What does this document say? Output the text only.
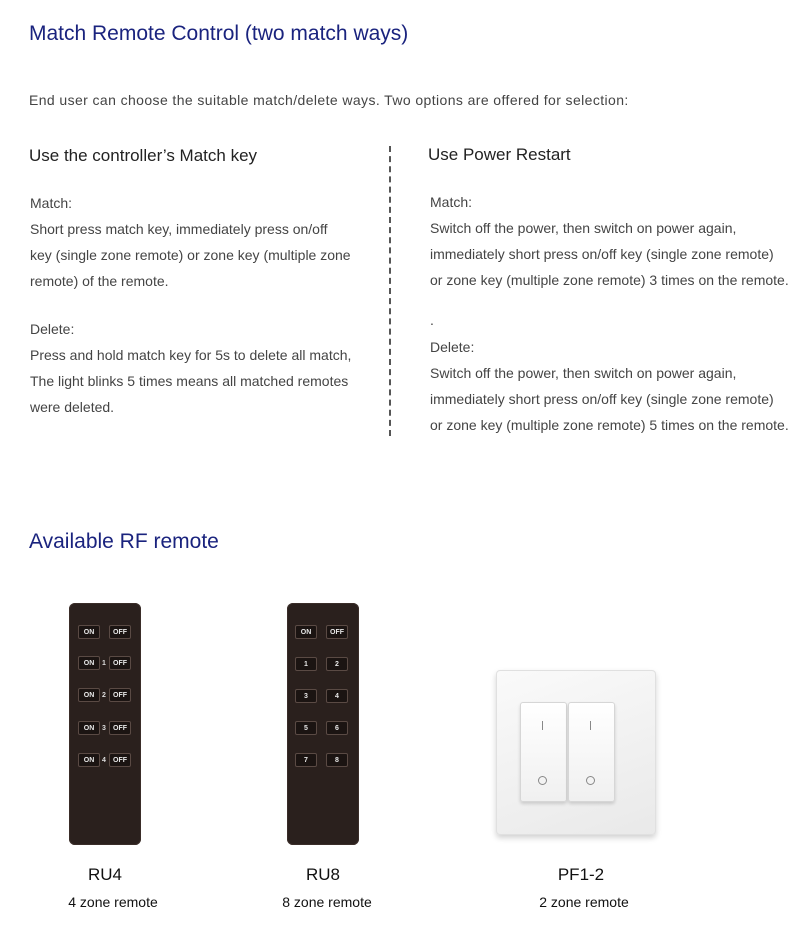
Match Remote Control (two match ways)
End user can choose the suitable match/delete ways. Two options are offered for selection:
Use the controller’s Match key
Match:
Short press match key, immediately press on/off
key (single zone remote) or zone key (multiple zone
remote) of the remote.
Delete:
Press and hold match key for 5s to delete all match,
The light blinks 5 times means all matched remotes
were deleted.
Use Power Restart
Match:
Switch off the power, then switch on power again,
immediately short press on/off key (single zone remote)
or zone key (multiple zone remote) 3 times on the remote.
.
Delete:
Switch off the power, then switch on power again,
immediately short press on/off key (single zone remote)
or zone key (multiple zone remote) 5 times on the remote.
Available RF remote
ON	OFF
ON	1	OFF
ON	2	OFF
ON	3	OFF
ON	4	OFF
RU4
4 zone remote
ON	OFF
1	2
3	4
5	6
7	8
RU8
8 zone remote
PF1-2
2 zone remote
